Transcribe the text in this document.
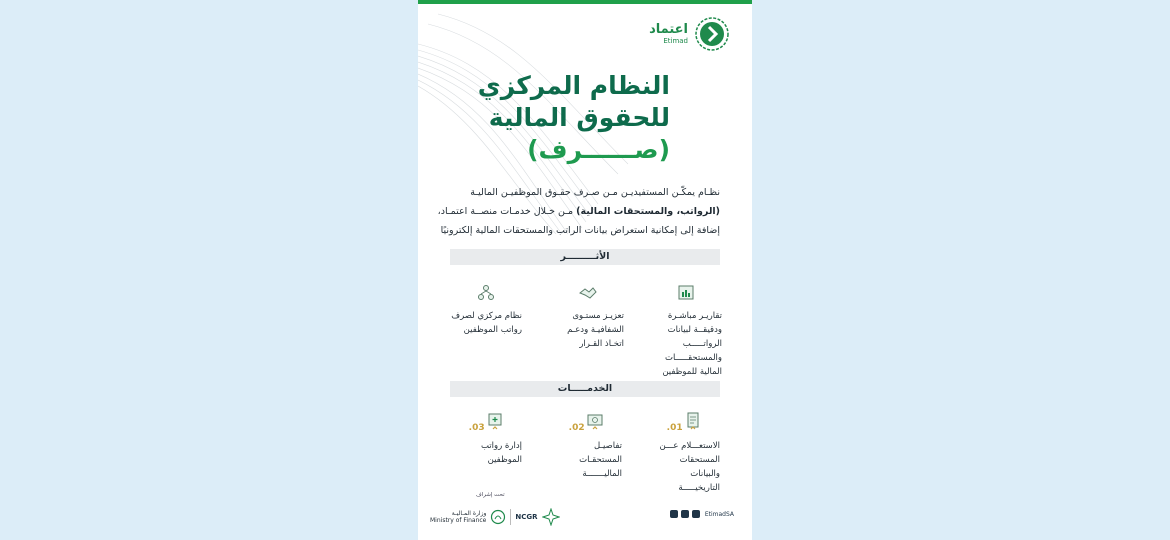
اعتماد
Etimad
النظام المركزي
للحقوق المالية
(صــــــرف)
نظـام يمكّـن المستفيديـن مـن صـرف حقـوق الموظفيـن الماليـة
(الرواتب، والمستحقات المالية) مـن خـلال خدمـات منصــة اعتمـاد،
إضافة إلى إمكانية استعراض بيانات الراتب والمستحقات المالية إلكترونيًا
الأثـــــــــر
تقاريـر مباشـرة ودقيقــة لبيانات الرواتـــــب والمستحقـــــات المالية للموظفين
تعزيـز مستـوى الشفافيـة ودعـم اتخـاذ القـرار
نظام مركزي لصرف رواتب الموظفين
الخدمـــــات
01.
الاستعـــلام عـــن المستحقات والبيانات التاريخيـــــة
02.
تفاصيـل المستحقـات الماليـــــــة
03.
إدارة رواتب الموظفين
تحت إشراف
وزارة المـاليـة
Ministry of Finance	NCGR	EtimadSA
